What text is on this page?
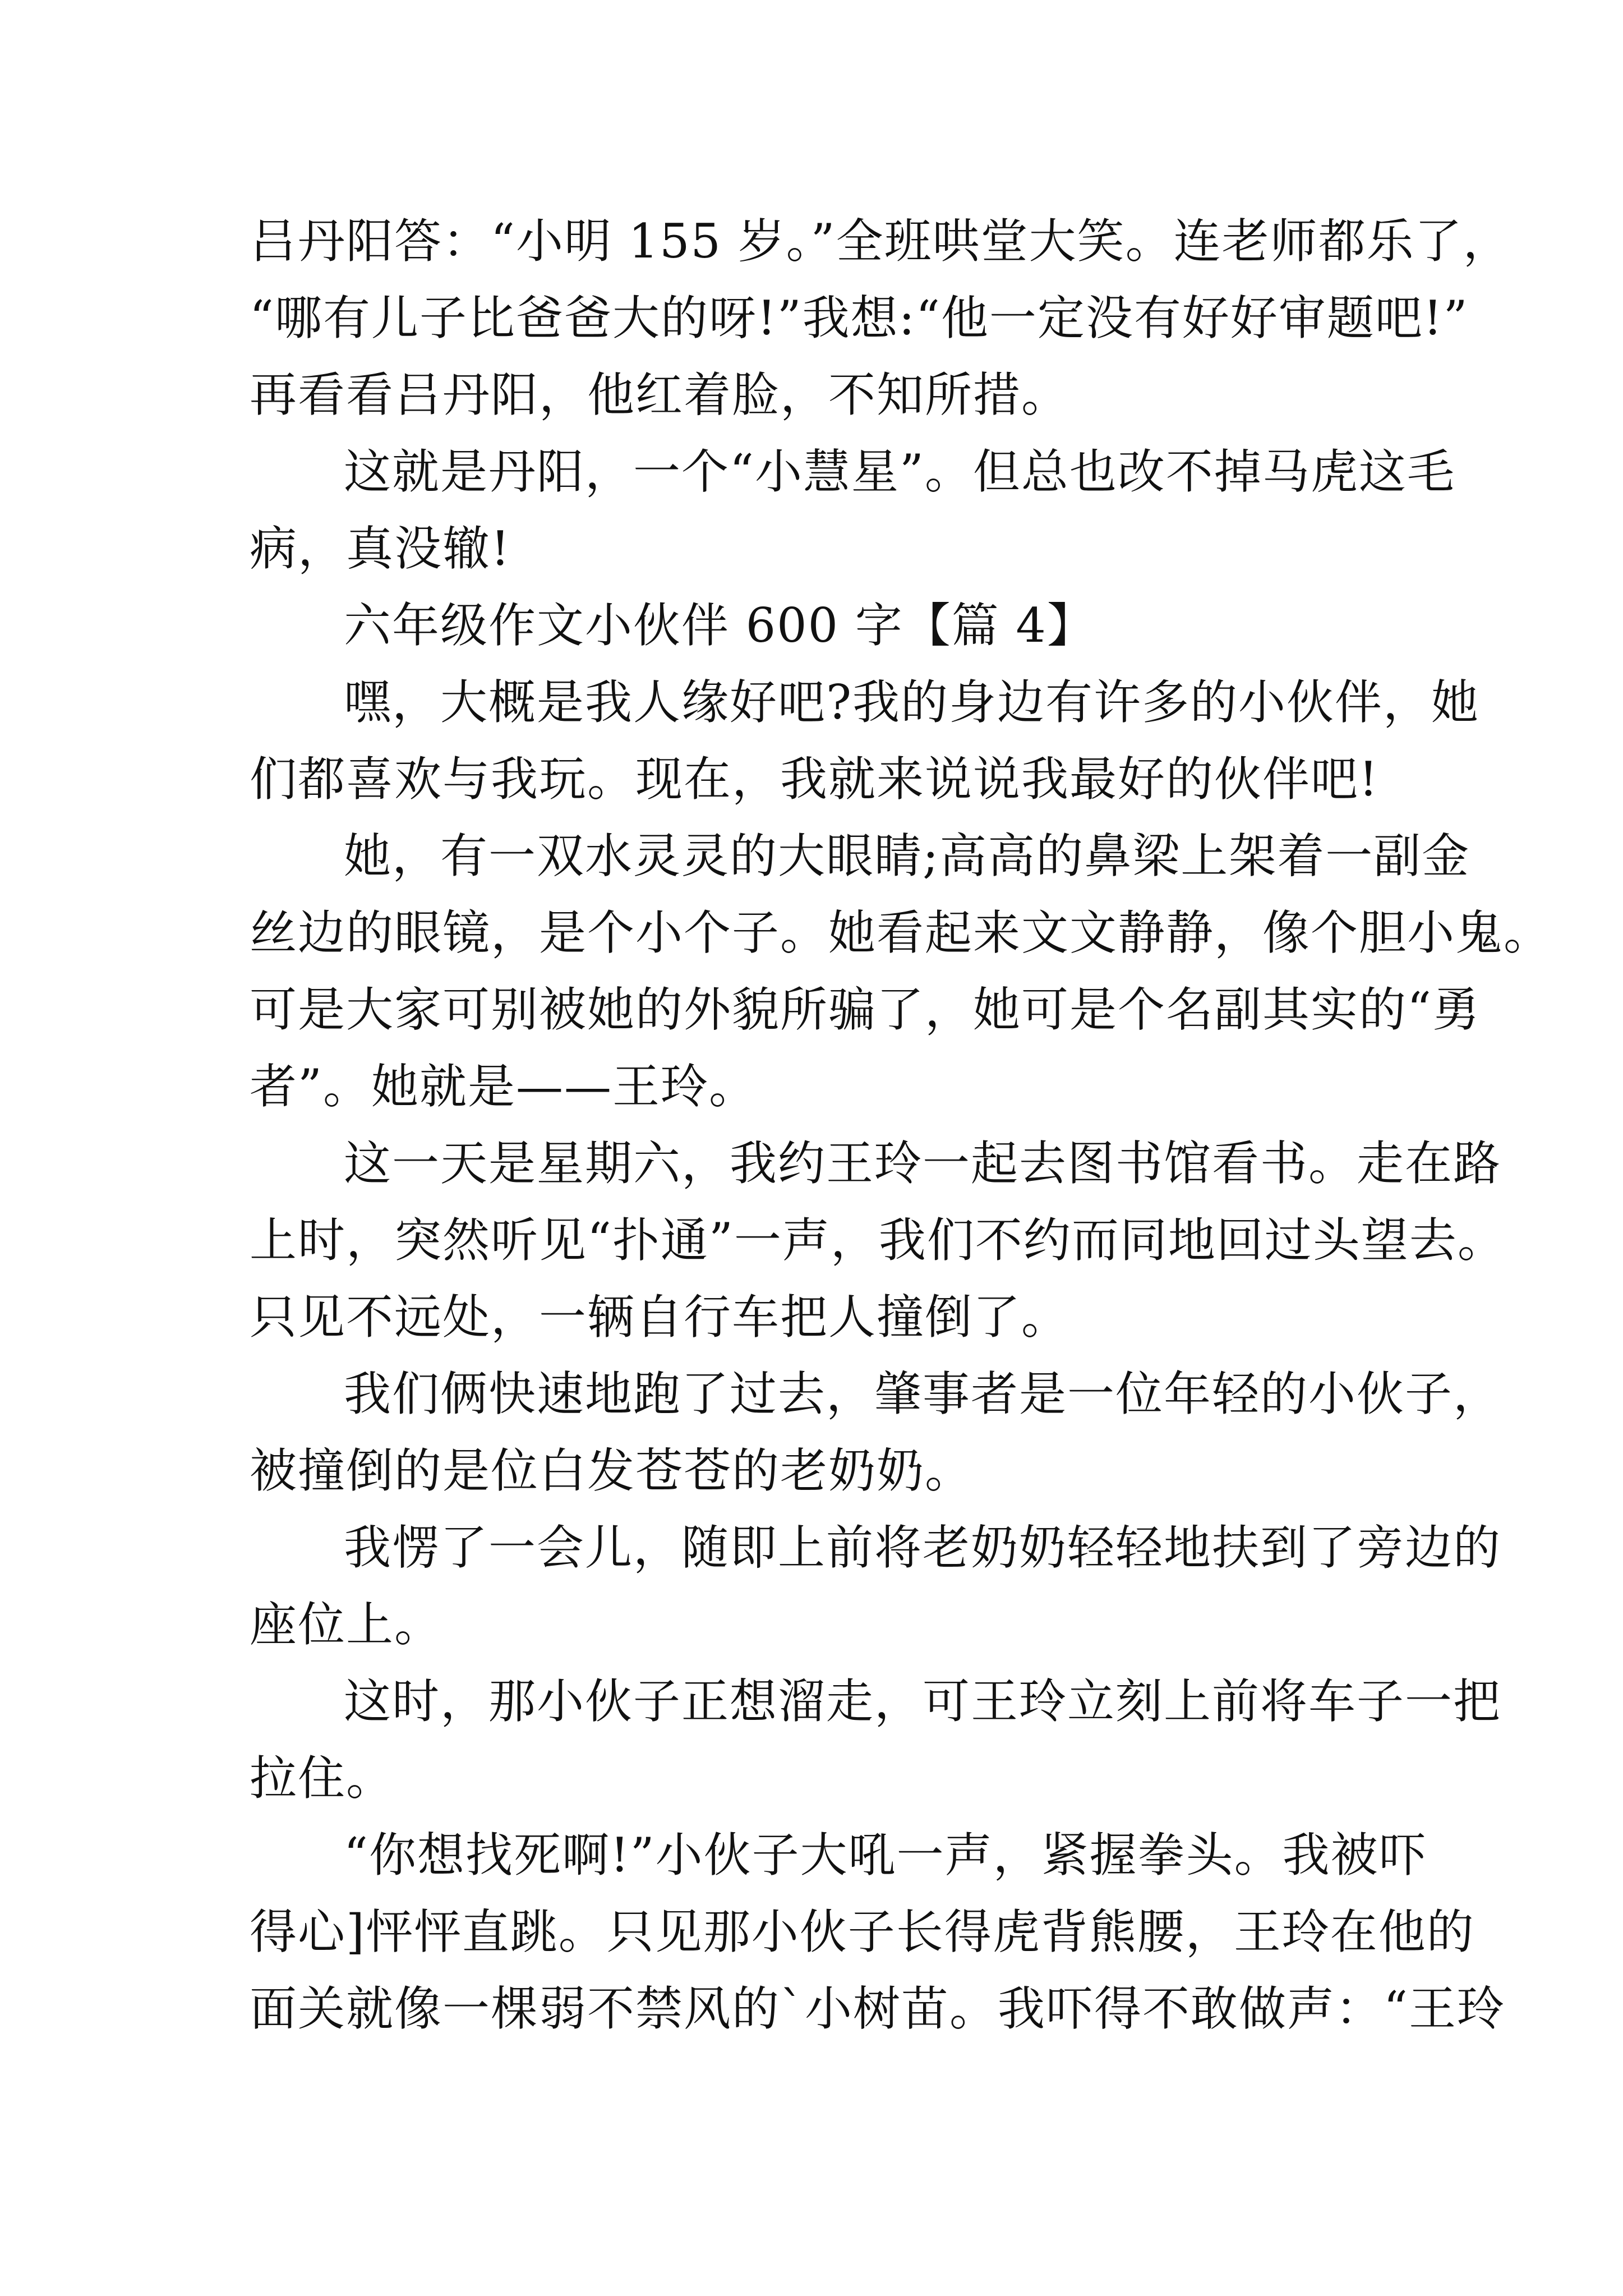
吕丹阳答：“小明 155 岁。”全班哄堂大笑。连老师都乐了，
“哪有儿子比爸爸大的呀!”我想:“他一定没有好好审题吧!”
再看看吕丹阳，他红着脸，不知所措。
这就是丹阳，一个“小慧星”。但总也改不掉马虎这毛
病，真没辙!
六年级作文小伙伴 600 字【篇 4】
嘿，大概是我人缘好吧?我的身边有许多的小伙伴，她
们都喜欢与我玩。现在，我就来说说我最好的伙伴吧!
她，有一双水灵灵的大眼睛;高高的鼻梁上架着一副金
丝边的眼镜，是个小个子。她看起来文文静静，像个胆小鬼。
可是大家可别被她的外貌所骗了，她可是个名副其实的“勇
者”。她就是——王玲。
这一天是星期六，我约王玲一起去图书馆看书。走在路
上时，突然听见“扑通”一声，我们不约而同地回过头望去。
只见不远处，一辆自行车把人撞倒了。
我们俩快速地跑了过去，肇事者是一位年轻的小伙子，
被撞倒的是位白发苍苍的老奶奶。
我愣了一会儿，随即上前将老奶奶轻轻地扶到了旁边的
座位上。
这时，那小伙子正想溜走，可王玲立刻上前将车子一把
拉住。
“你想找死啊!”小伙子大吼一声，紧握拳头。我被吓
得心]怦怦直跳。只见那小伙子长得虎背熊腰，王玲在他的
面关就像一棵弱不禁风的`小树苗。我吓得不敢做声：“王玲
